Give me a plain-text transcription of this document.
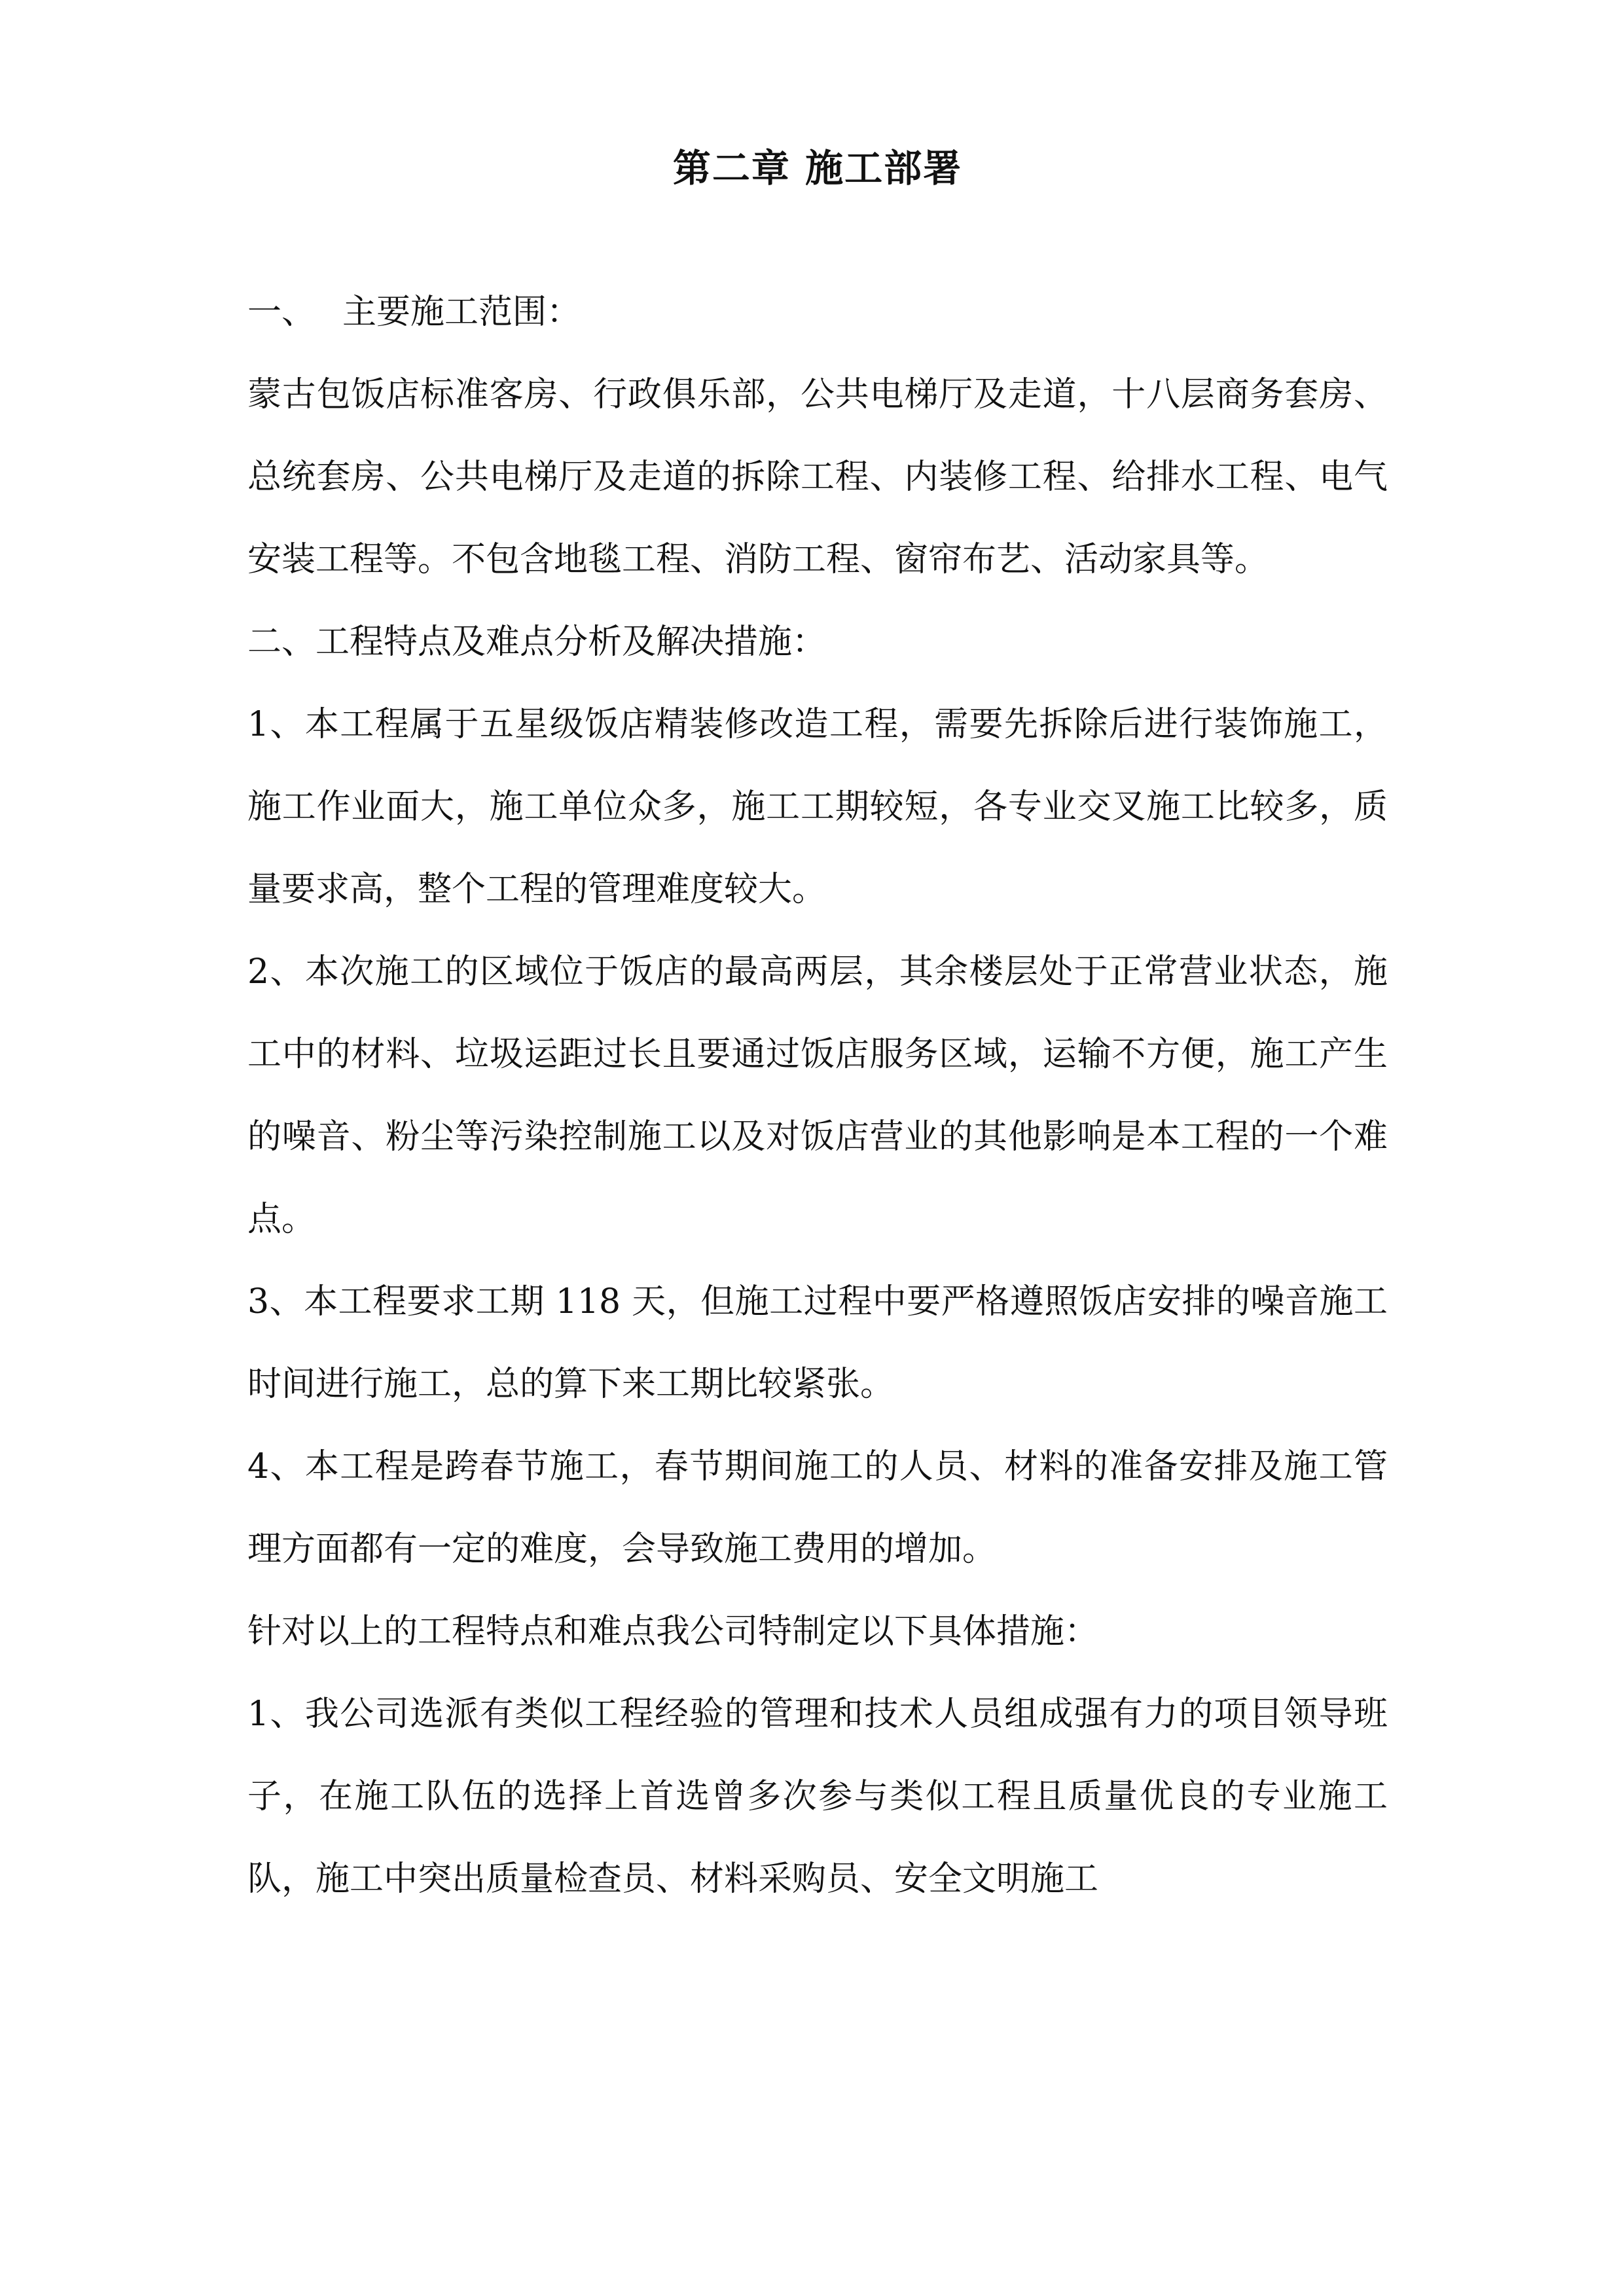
第二章 施工部署

一、 主要施工范围：

蒙古包饭店标准客房、行政俱乐部，公共电梯厅及走道，十八层商务套房、总统套房、公共电梯厅及走道的拆除工程、内装修工程、给排水工程、电气安装工程等。不包含地毯工程、消防工程、窗帘布艺、活动家具等。

二、工程特点及难点分析及解决措施：

1、本工程属于五星级饭店精装修改造工程，需要先拆除后进行装饰施工，施工作业面大，施工单位众多，施工工期较短，各专业交叉施工比较多，质量要求高，整个工程的管理难度较大。

2、本次施工的区域位于饭店的最高两层，其余楼层处于正常营业状态，施工中的材料、垃圾运距过长且要通过饭店服务区域，运输不方便，施工产生的噪音、粉尘等污染控制施工以及对饭店营业的其他影响是本工程的一个难点。

3、本工程要求工期 118 天，但施工过程中要严格遵照饭店安排的噪音施工时间进行施工，总的算下来工期比较紧张。

4、本工程是跨春节施工，春节期间施工的人员、材料的准备安排及施工管理方面都有一定的难度，会导致施工费用的增加。

针对以上的工程特点和难点我公司特制定以下具体措施：

1、我公司选派有类似工程经验的管理和技术人员组成强有力的项目领导班子，在施工队伍的选择上首选曾多次参与类似工程且质量优良的专业施工队，施工中突出质量检查员、材料采购员、安全文明施工
